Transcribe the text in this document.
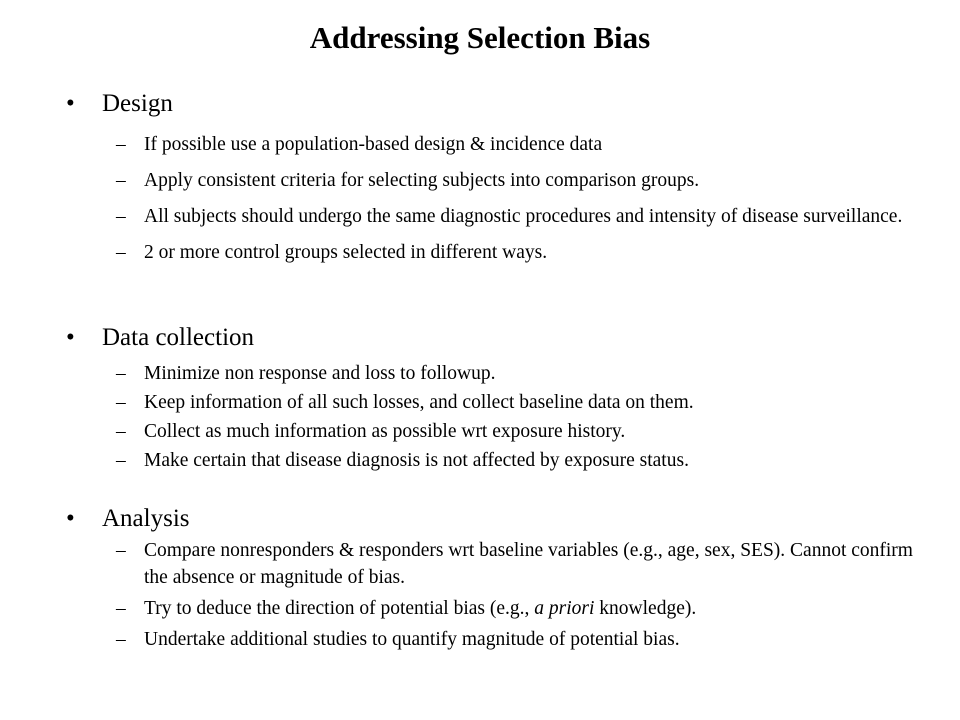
Addressing Selection Bias
• Design
– If possible use a population-based design & incidence data
– Apply consistent criteria for selecting subjects into comparison groups.
– All subjects should undergo the same diagnostic procedures and intensity of disease surveillance.
– 2 or more control groups selected in different ways.
• Data collection
– Minimize non response and loss to followup.
– Keep information of all such losses, and collect baseline data on them.
– Collect as much information as possible wrt exposure history.
– Make certain that disease diagnosis is not affected by exposure status.
• Analysis
– Compare nonresponders & responders wrt baseline variables (e.g., age, sex, SES). Cannot confirm the absence or magnitude of bias.
– Try to deduce the direction of potential bias (e.g., a priori knowledge).
– Undertake additional studies to quantify magnitude of potential bias.
